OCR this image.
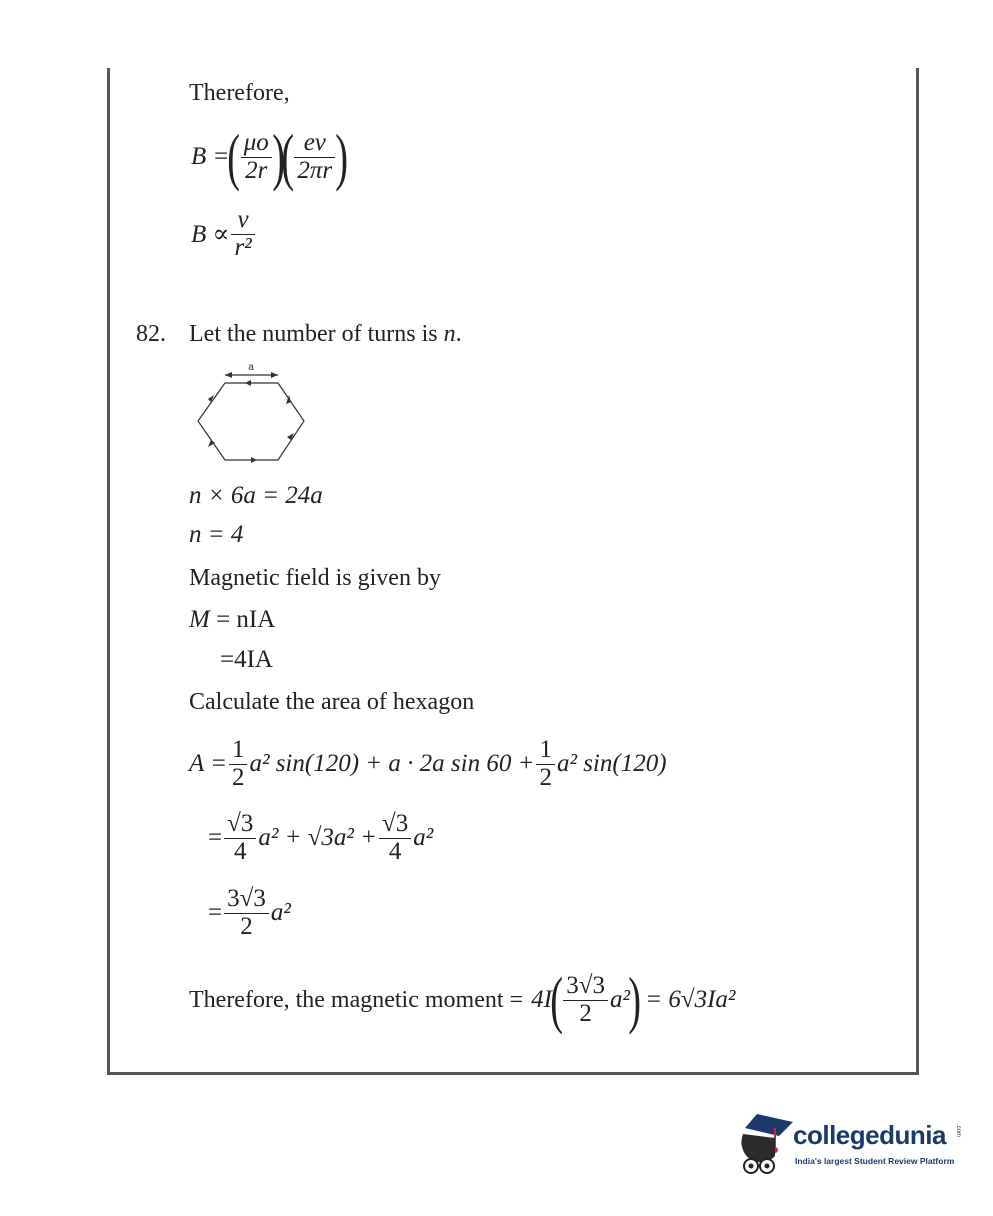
Therefore,
B =
( $\frac{\mu o}{2r}$ )
( $\frac{ev}{2\pi r}$ )
$B \propto \frac{v}{\text{r²}}$
82. Let the number of turns is n.
a
n × 6a = 24a
n = 4
Magnetic field is given by
M = nIA
=4IA
Calculate the area of hexagon
$A = \frac{1}{2} a^2$ sin(120) + a · 2a $\sin 60 + \frac{1}{2} a^2$ sin(120)
= $\frac{√3}{4} a^2 + √3a^2 + \frac{√3}{4} a^2$
= $\frac{3√3}{2} a^2$
Therefore, the magnetic moment = 4I
( $\frac{3√3}{2} a^2$
) = 6√3Ia²
collegedunia .com
India's largest Student Review Platform
